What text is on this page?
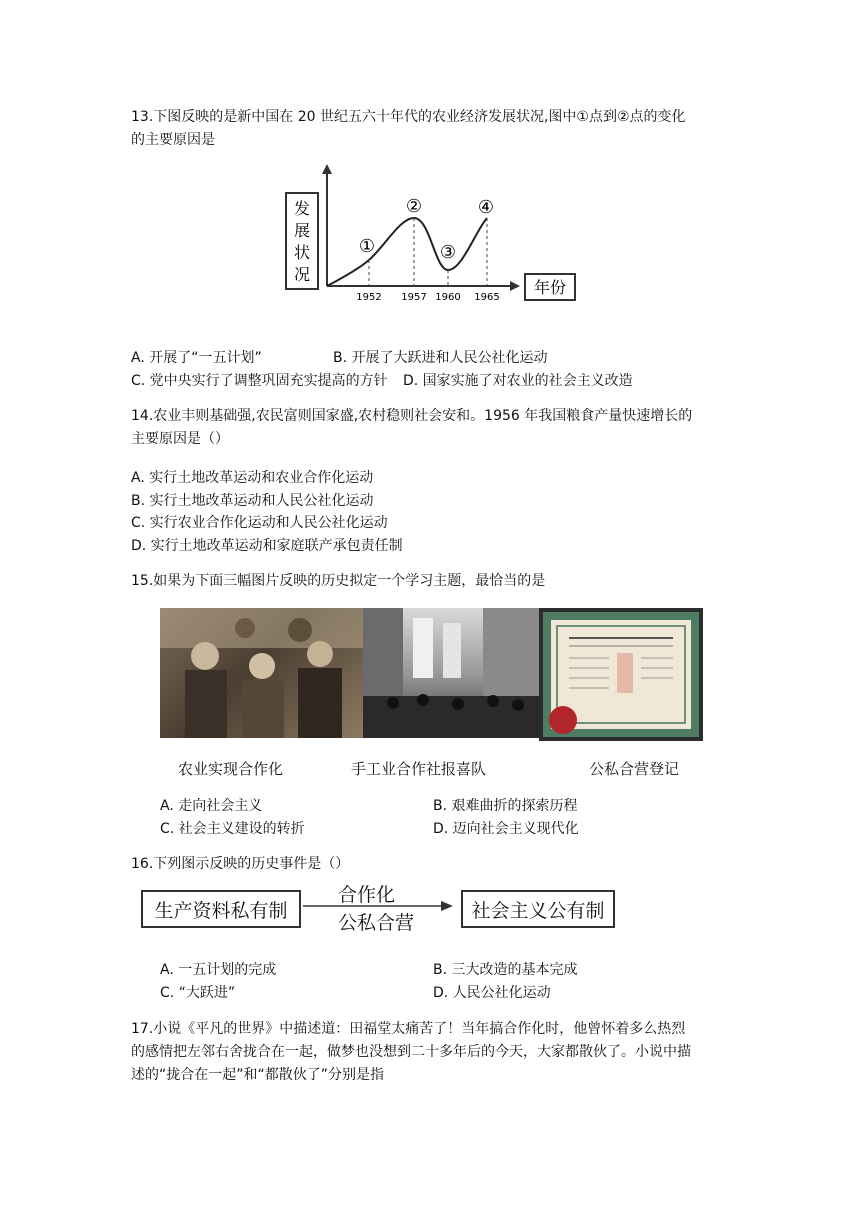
13.下图反映的是新中国在 20 世纪五六十年代的农业经济发展状况,图中①点到②点的变化
的主要原因是
发
展
状
况
年份
①
②
③
④
1952 1957 1960 1965
A. 开展了“一五计划”	B. 开展了大跃进和人民公社化运动
C. 党中央实行了调整巩固充实提高的方针 D. 国家实施了对农业的社会主义改造
14.农业丰则基础强,农民富则国家盛,农村稳则社会安和。1956 年我国粮食产量快速增长的
主要原因是（）
A. 实行土地改革运动和农业合作化运动
B. 实行土地改革运动和人民公社化运动
C. 实行农业合作化运动和人民公社化运动
D. 实行土地改革运动和家庭联产承包责任制
15.如果为下面三幅图片反映的历史拟定一个学习主题，最恰当的是
农业实现合作化	手工业合作社报喜队	公私合营登记
A. 走向社会主义	B. 艰难曲折的探索历程
C. 社会主义建设的转折	D. 迈向社会主义现代化
16.下列图示反映的历史事件是（）
生产资料私有制
合作化
公私合营
社会主义公有制
A. 一五计划的完成	B. 三大改造的基本完成
C. “大跃进”	D. 人民公社化运动
17.小说《平凡的世界》中描述道：田福堂太痛苦了！当年搞合作化时，他曾怀着多么热烈
的感情把左邻右舍拢合在一起，做梦也没想到二十多年后的今天，大家都散伙了。小说中描
述的“拢合在一起”和“都散伙了”分别是指
